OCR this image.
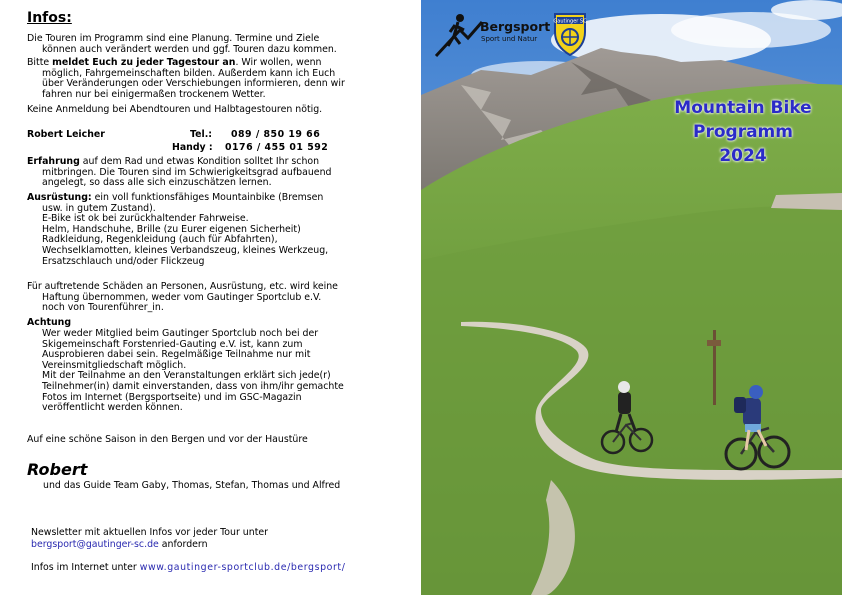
Infos:
Die Touren im Programm sind eine Planung. Termine und Ziele
können auch verändert werden und ggf. Touren dazu kommen.
Bitte meldet Euch zu jeder Tagestour an. Wir wollen, wenn
möglich, Fahrgemeinschaften bilden. Außerdem kann ich Euch
über Veränderungen oder Verschiebungen informieren, denn wir
fahren nur bei einigermaßen trockenem Wetter.
Keine Anmeldung bei Abendtouren und Halbtagestouren nötig.
Robert Leicher	Tel.: 089 / 850 19 66
Handy : 0176 / 455 01 592
Erfahrung auf dem Rad und etwas Kondition solltet Ihr schon
mitbringen. Die Touren sind im Schwierigkeitsgrad aufbauend
angelegt, so dass alle sich einzuschätzen lernen.
Ausrüstung: ein voll funktionsfähiges Mountainbike (Bremsen
usw. in gutem Zustand).
E-Bike ist ok bei zurückhaltender Fahrweise.
Helm, Handschuhe, Brille (zu Eurer eigenen Sicherheit)
Radkleidung, Regenkleidung (auch für Abfahrten),
Wechselklamotten, kleines Verbandszeug, kleines Werkzeug,
Ersatzschlauch und/oder Flickzeug
Für auftretende Schäden an Personen, Ausrüstung, etc. wird keine
Haftung übernommen, weder vom Gautinger Sportclub e.V.
noch von Tourenführer_in.
Achtung
Wer weder Mitglied beim Gautinger Sportclub noch bei der
Skigemeinschaft Forstenried-Gauting e.V. ist, kann zum
Ausprobieren dabei sein. Regelmäßige Teilnahme nur mit
Vereinsmitgliedschaft möglich.
Mit der Teilnahme an den Veranstaltungen erklärt sich jede(r)
Teilnehmer(in) damit einverstanden, dass von ihm/ihr gemachte
Fotos im Internet (Bergsportseite) und im GSC-Magazin
veröffentlicht werden können.
Auf eine schöne Saison in den Bergen und vor der Haustüre
Robert
und das Guide Team Gaby, Thomas, Stefan, Thomas und Alfred
Newsletter mit aktuellen Infos vor jeder Tour unter
bergsport@gautinger-sc.de anfordern
Infos im Internet unter www.gautinger-sportclub.de/bergsport/
Bergsport
Sport und Natur
Gautinger SC
Mountain Bike
Programm
2024
